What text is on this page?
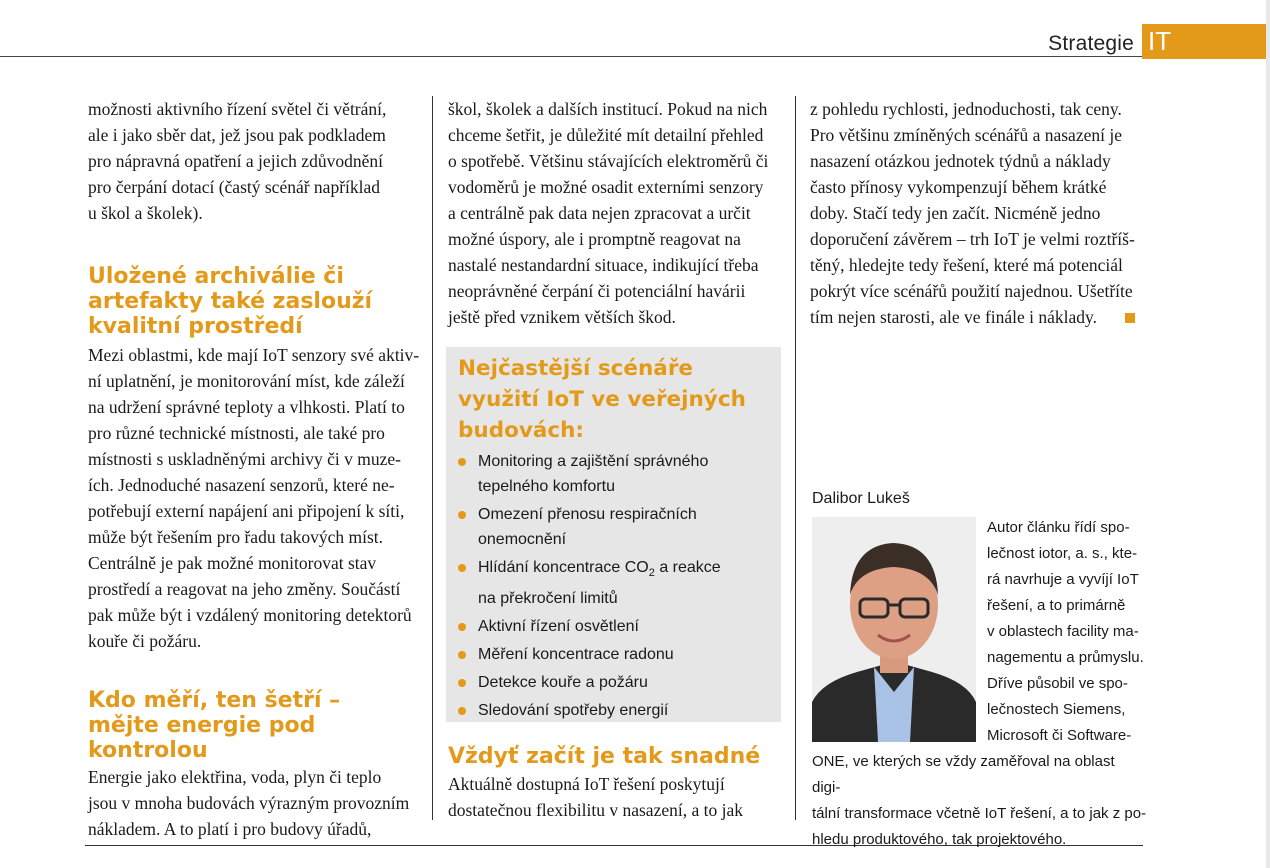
Strategie IT

možnosti aktivního řízení světel či větrání,
ale i jako sběr dat, jež jsou pak podkladem
pro nápravná opatření a jejich zdůvodnění
pro čerpání dotací (častý scénář například
u škol a školek).

Uložené archiválie či
artefakty také zaslouží
kvalitní prostředí

Mezi oblastmi, kde mají IoT senzory své aktiv-
ní uplatnění, je monitorování míst, kde záleží
na udržení správné teploty a vlhkosti. Platí to
pro různé technické místnosti, ale také pro
místnosti s uskladněnými archivy či v muze-
ích. Jednoduché nasazení senzorů, které ne-
potřebují externí napájení ani připojení k síti,
může být řešením pro řadu takových míst.
Centrálně je pak možné monitorovat stav
prostředí a reagovat na jeho změny. Součástí
pak může být i vzdálený monitoring detektorů
kouře či požáru.

Kdo měří, ten šetří –
mějte energie pod
kontrolou

Energie jako elektřina, voda, plyn či teplo
jsou v mnoha budovách výrazným provozním
nákladem. A to platí i pro budovy úřadů,

škol, školek a dalších institucí. Pokud na nich
chceme šetřit, je důležité mít detailní přehled
o spotřebě. Většinu stávajících elektroměrů či
vodoměrů je možné osadit externími senzory
a centrálně pak data nejen zpracovat a určit
možné úspory, ale i promptně reagovat na
nastalé nestandardní situace, indikující třeba
neoprávněné čerpání či potenciální havárii
ještě před vznikem větších škod.

Nejčastější scénáře
využití IoT ve veřejných
budovách:
Monitoring a zajištění správného
tepelného komfortu
Omezení přenosu respiračních
onemocnění
Hlídání koncentrace $CO_2$ a reakce
na překročení limitů
Aktivní řízení osvětlení
Měření koncentrace radonu
Detekce kouře a požáru
Sledování spotřeby energií
Vždyť začít je tak snadné

Aktuálně dostupná IoT řešení poskytují
dostatečnou flexibilitu v nasazení, a to jak

z pohledu rychlosti, jednoduchosti, tak ceny.
Pro většinu zmíněných scénářů a nasazení je
nasazení otázkou jednotek týdnů a náklady
často přínosy vykompenzují během krátké
doby. Stačí tedy jen začít. Nicméně jedno
doporučení závěrem – trh IoT je velmi roztříš-
těný, hledejte tedy řešení, které má potenciál
pokrýt více scénářů použití najednou. Ušetříte
tím nejen starosti, ale ve finále i náklady.

Dalibor Lukeš
Autor článku řídí spo-
lečnost iotor, a. s., kte-
rá navrhuje a vyvíjí IoT
řešení, a to primárně
v oblastech facility ma-
nagementu a průmyslu.
Dříve působil ve spo-
lečnostech Siemens,
Microsoft či Software-
ONE, ve kterých se vždy zaměřoval na oblast digi-
tální transformace včetně IoT řešení, a to jak z po-
hledu produktového, tak projektového.
